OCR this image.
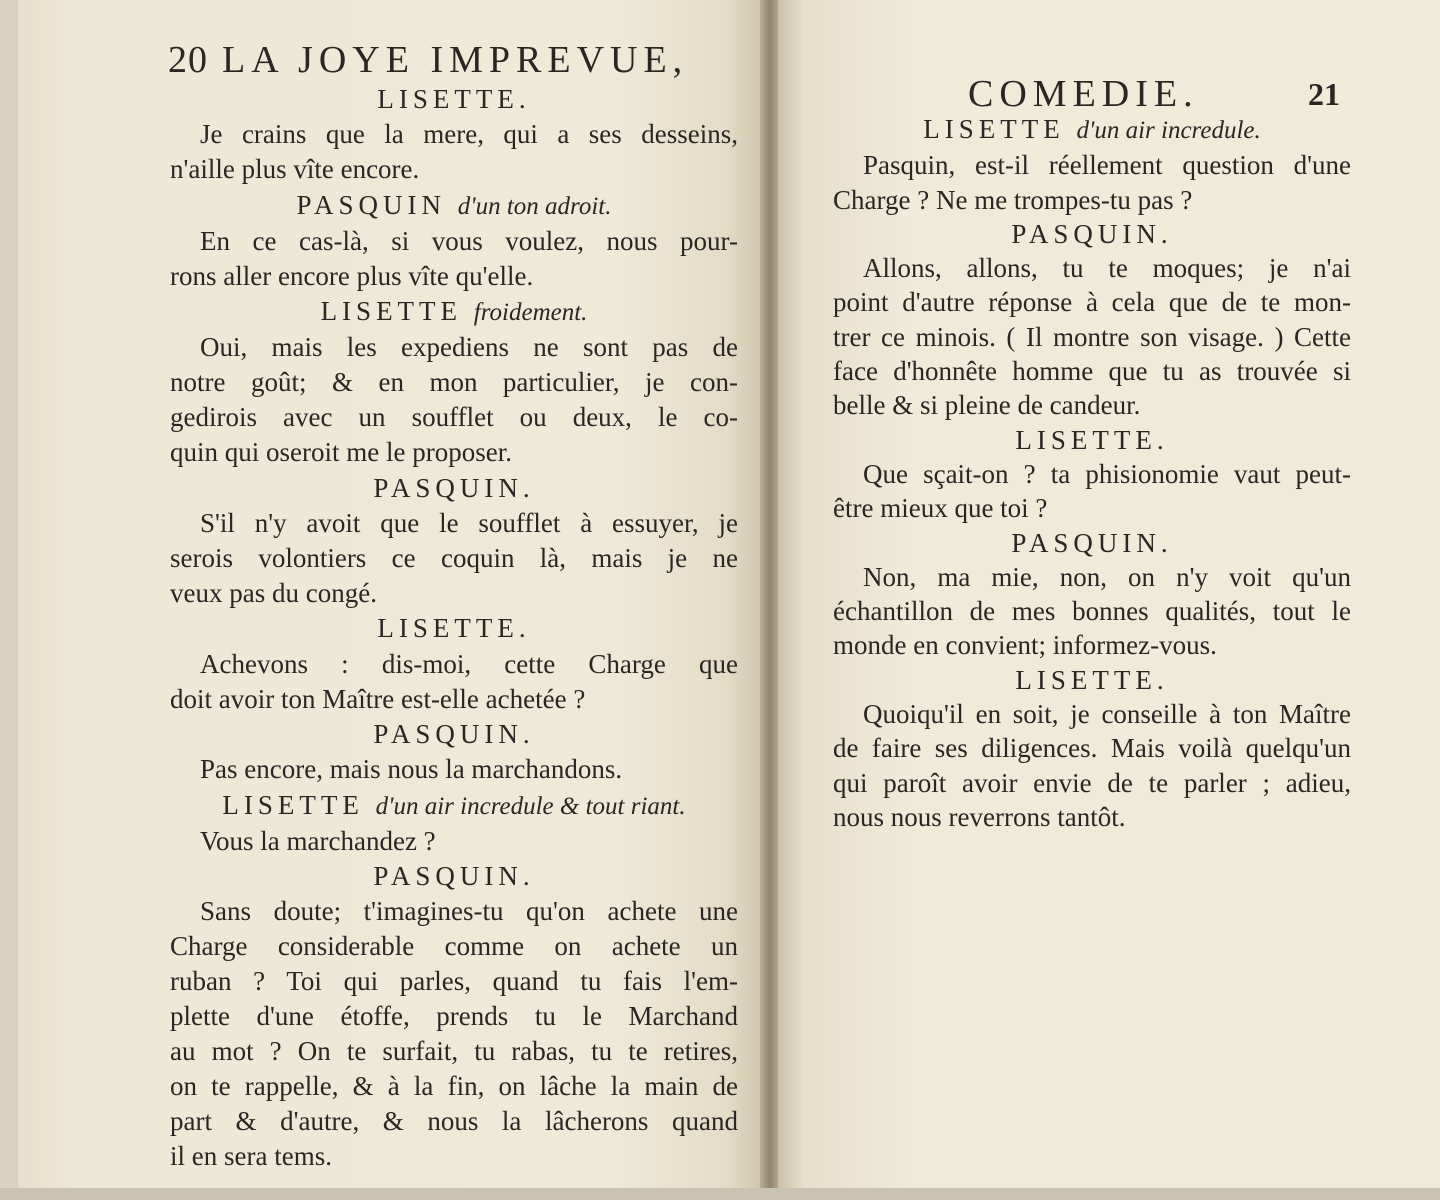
20 LA JOYE IMPREVUE,
LISETTE.
Je crains que la mere, qui a ses desseins,
n'aille plus vîte encore.
PASQUIN d'un ton adroit.
En ce cas-là, si vous voulez, nous pour-
rons aller encore plus vîte qu'elle.
LISETTE froidement.
Oui, mais les expediens ne sont pas de
notre goût; & en mon particulier, je con-
gedirois avec un soufflet ou deux, le co-
quin qui oseroit me le proposer.
PASQUIN.
S'il n'y avoit que le soufflet à essuyer, je
serois volontiers ce coquin là, mais je ne
veux pas du congé.
LISETTE.
Achevons : dis-moi, cette Charge que
doit avoir ton Maître est-elle achetée ?
PASQUIN.
Pas encore, mais nous la marchandons.
LISETTE d'un air incredule & tout riant.
Vous la marchandez ?
PASQUIN.
Sans doute; t'imagines-tu qu'on achete une
Charge considerable comme on achete un
ruban ? Toi qui parles, quand tu fais l'em-
plette d'une étoffe, prends tu le Marchand
au mot ? On te surfait, tu rabas, tu te retires,
on te rappelle, & à la fin, on lâche la main de
part & d'autre, & nous la lâcherons quand
il en sera tems.
COMEDIE.	21
LISETTE d'un air incredule.
Pasquin, est-il réellement question d'une
Charge ? Ne me trompes-tu pas ?
PASQUIN.
Allons, allons, tu te moques; je n'ai
point d'autre réponse à cela que de te mon-
trer ce minois. ( Il montre son visage. ) Cette
face d'honnête homme que tu as trouvée si
belle & si pleine de candeur.
LISETTE.
Que sçait-on ? ta phisionomie vaut peut-
être mieux que toi ?
PASQUIN.
Non, ma mie, non, on n'y voit qu'un
échantillon de mes bonnes qualités, tout le
monde en convient; informez-vous.
LISETTE.
Quoiqu'il en soit, je conseille à ton Maître
de faire ses diligences. Mais voilà quelqu'un
qui paroît avoir envie de te parler ; adieu,
nous nous reverrons tantôt.
